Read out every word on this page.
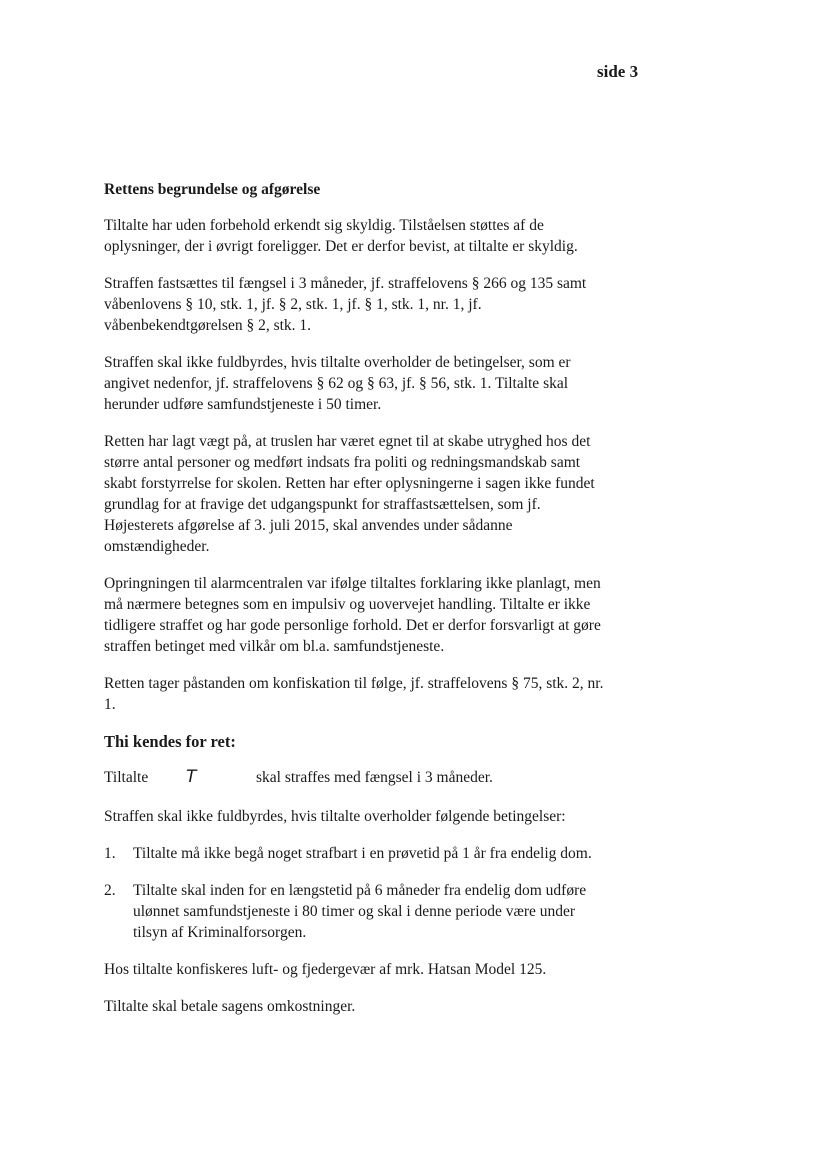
side 3

Rettens begrundelse og afgørelse

Tiltalte har uden forbehold erkendt sig skyldig. Tilståelsen støttes af de oplysninger, der i øvrigt foreligger. Det er derfor bevist, at tiltalte er skyldig.

Straffen fastsættes til fængsel i 3 måneder, jf. straffelovens § 266 og 135 samt våbenlovens § 10, stk. 1, jf. § 2, stk. 1, jf. § 1, stk. 1, nr. 1, jf. våbenbekendtgørelsen § 2, stk. 1.

Straffen skal ikke fuldbyrdes, hvis tiltalte overholder de betingelser, som er angivet nedenfor, jf. straffelovens § 62 og § 63, jf. § 56, stk. 1. Tiltalte skal herunder udføre samfundstjeneste i 50 timer.

Retten har lagt vægt på, at truslen har været egnet til at skabe utryghed hos det større antal personer og medført indsats fra politi og redningsmandskab samt skabt forstyrrelse for skolen. Retten har efter oplysningerne i sagen ikke fundet grundlag for at fravige det udgangspunkt for straffastsættelsen, som jf. Højesterets afgørelse af 3. juli 2015, skal anvendes under sådanne omstændigheder.

Opringningen til alarmcentralen var ifølge tiltaltes forklaring ikke planlagt, men må nærmere betegnes som en impulsiv og uovervejet handling. Tiltalte er ikke tidligere straffet og har gode personlige forhold. Det er derfor forsvarligt at gøre straffen betinget med vilkår om bl.a. samfundstjeneste.

Retten tager påstanden om konfiskation til følge, jf. straffelovens § 75, stk. 2, nr. 1.

Thi kendes for ret:
Tiltalte	T	skal straffes med fængsel i 3 måneder.

Straffen skal ikke fuldbyrdes, hvis tiltalte overholder følgende betingelser:

1.	Tiltalte må ikke begå noget strafbart i en prøvetid på 1 år fra endelig dom.
2.	Tiltalte skal inden for en længstetid på 6 måneder fra endelig dom udføre ulønnet samfundstjeneste i 80 timer og skal i denne periode være under tilsyn af Kriminalforsorgen.

Hos tiltalte konfiskeres luft- og fjedergevær af mrk. Hatsan Model 125.

Tiltalte skal betale sagens omkostninger.
